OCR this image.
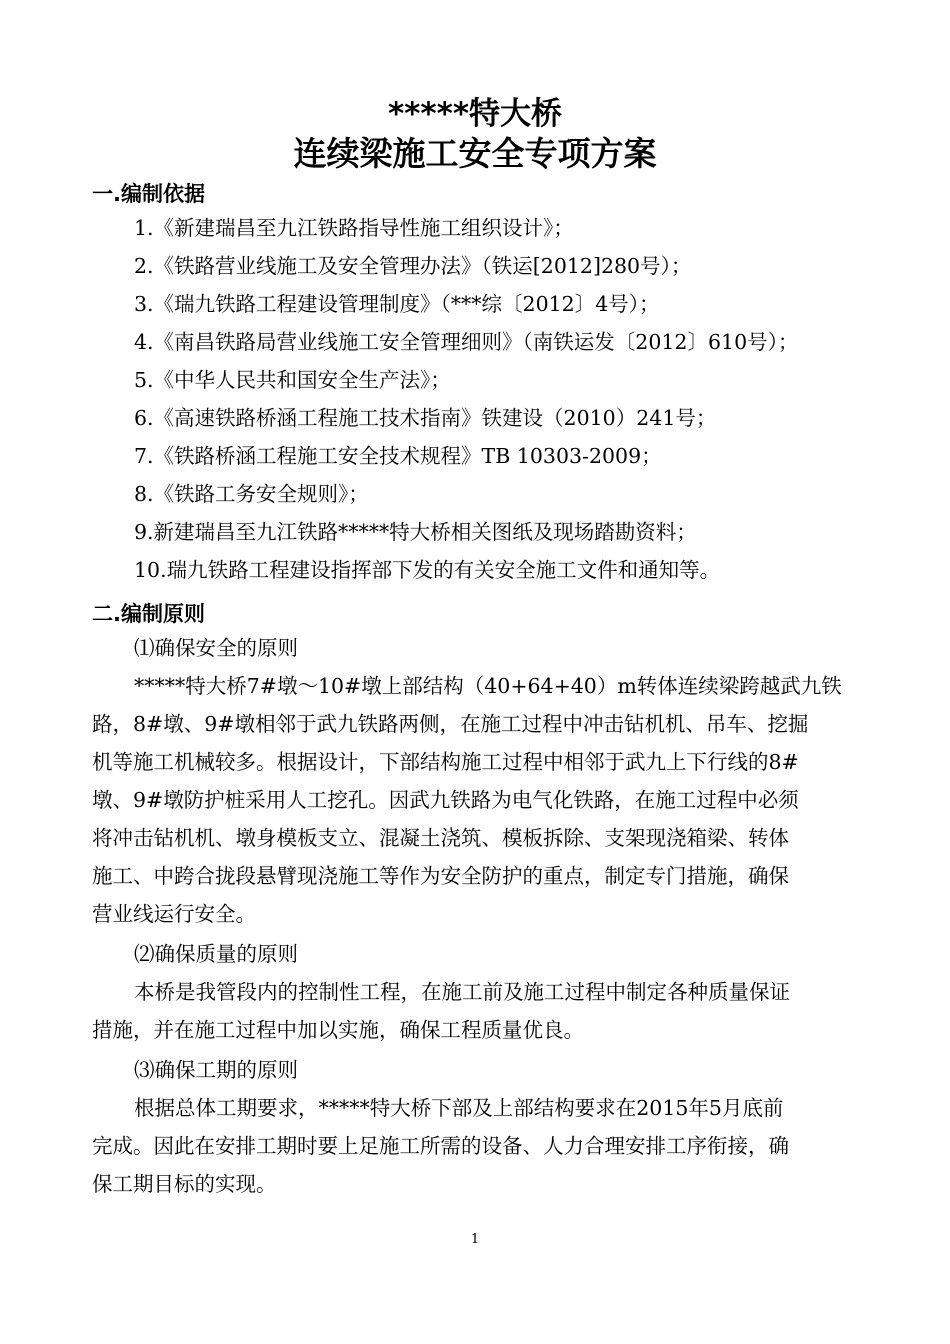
*****特大桥
连续梁施工安全专项方案
一.编制依据
1.《新建瑞昌至九江铁路指导性施工组织设计》；
2.《铁路营业线施工及安全管理办法》（铁运[2012]280号）；
3.《瑞九铁路工程建设管理制度》（***综〔2012〕4号）；
4.《南昌铁路局营业线施工安全管理细则》（南铁运发〔2012〕610号）；
5.《中华人民共和国安全生产法》；
6.《高速铁路桥涵工程施工技术指南》铁建设（2010）241号；
7.《铁路桥涵工程施工安全技术规程》TB 10303-2009；
8.《铁路工务安全规则》；
9.新建瑞昌至九江铁路*****特大桥相关图纸及现场踏勘资料；
10.瑞九铁路工程建设指挥部下发的有关安全施工文件和通知等。
二.编制原则
⑴确保安全的原则
*****特大桥7#墩～10#墩上部结构（40+64+40）m转体连续梁跨越武九铁
路，8#墩、9#墩相邻于武九铁路两侧，在施工过程中冲击钻机机、吊车、挖掘
机等施工机械较多。根据设计，下部结构施工过程中相邻于武九上下行线的8#
墩、9#墩防护桩采用人工挖孔。因武九铁路为电气化铁路，在施工过程中必须
将冲击钻机机、墩身模板支立、混凝土浇筑、模板拆除、支架现浇箱梁、转体
施工、中跨合拢段悬臂现浇施工等作为安全防护的重点，制定专门措施，确保
营业线运行安全。
⑵确保质量的原则
本桥是我管段内的控制性工程，在施工前及施工过程中制定各种质量保证
措施，并在施工过程中加以实施，确保工程质量优良。
⑶确保工期的原则
根据总体工期要求，*****特大桥下部及上部结构要求在2015年5月底前
完成。因此在安排工期时要上足施工所需的设备、人力合理安排工序衔接，确
保工期目标的实现。
1
